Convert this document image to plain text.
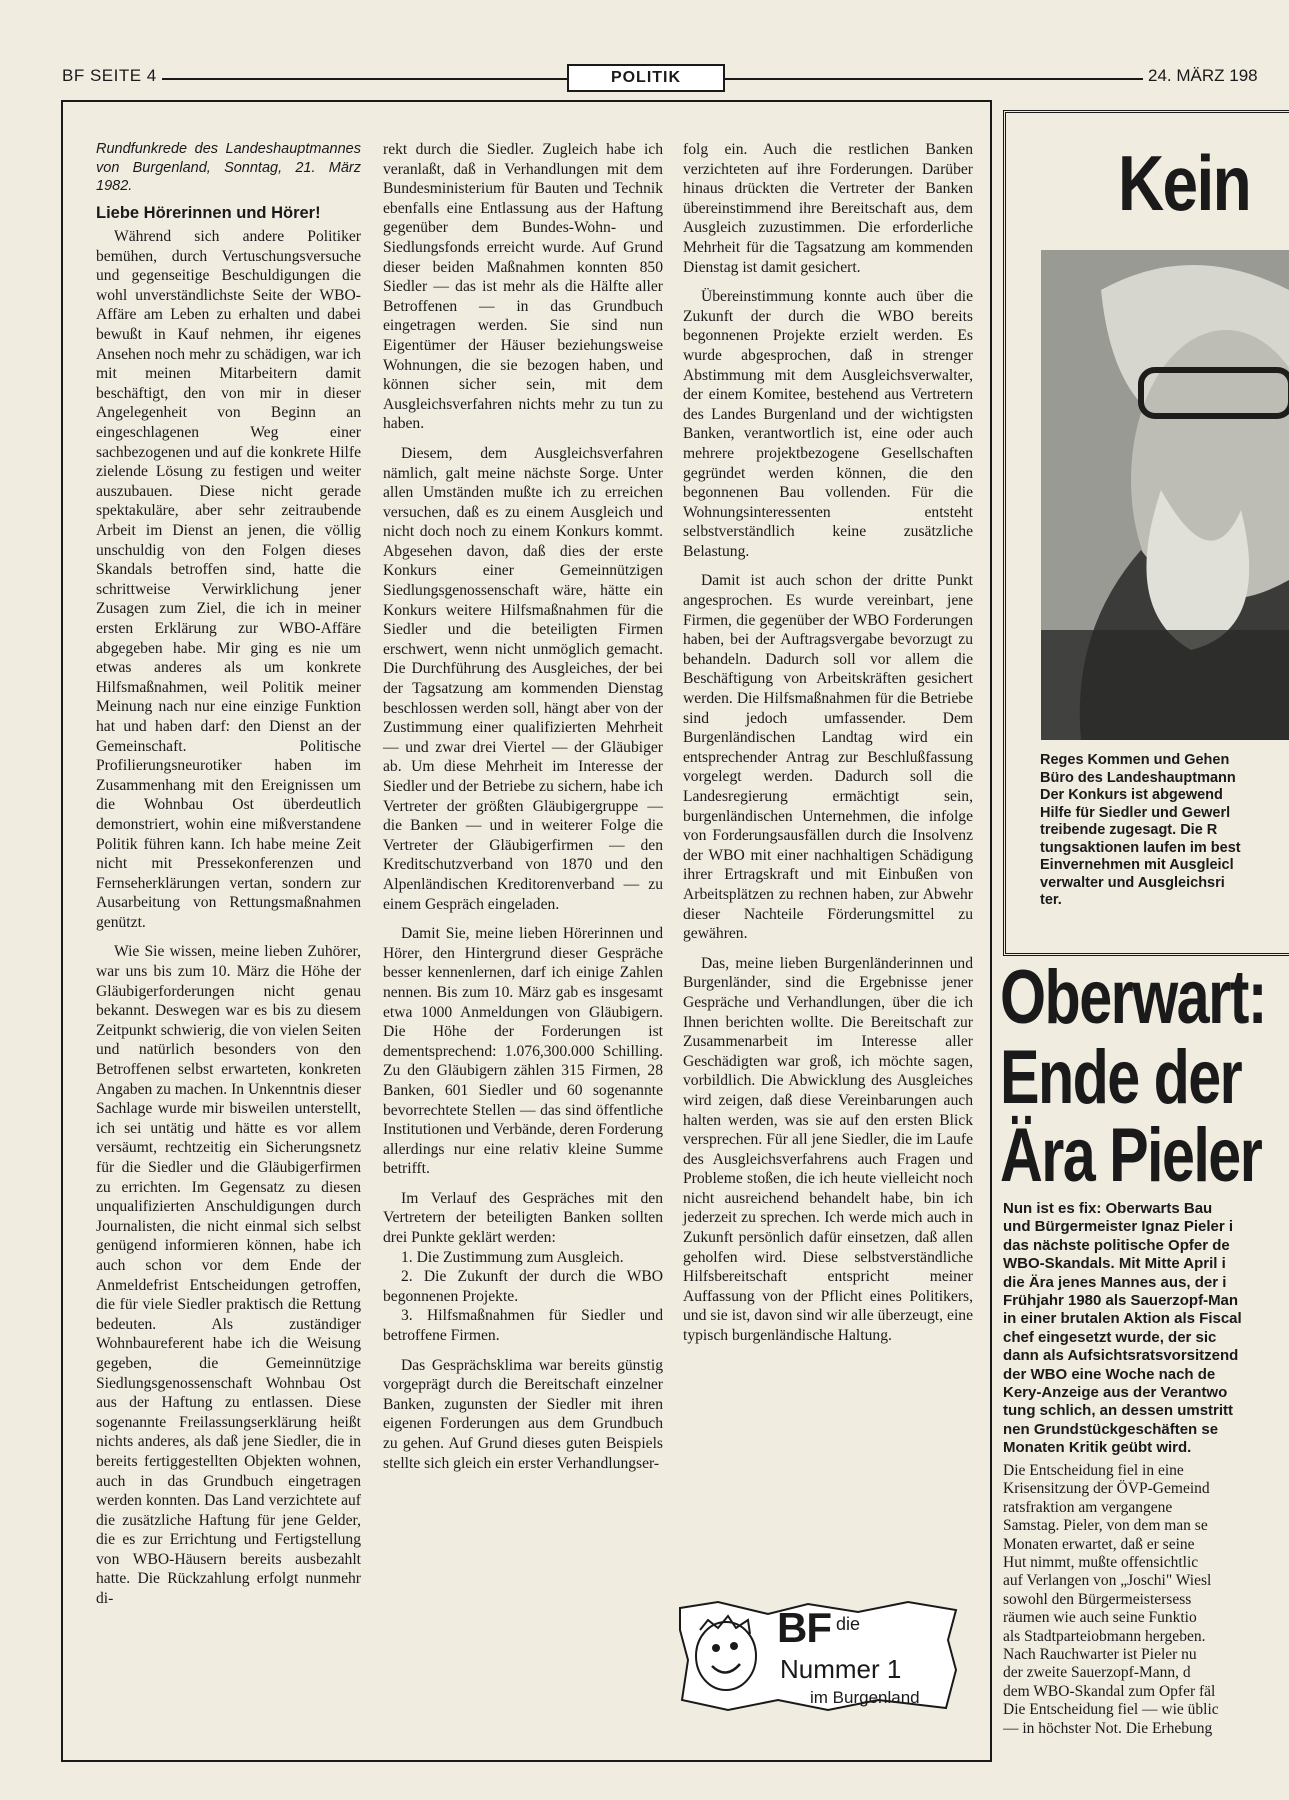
BF SEITE 4	POLITIK	24. MÄRZ 198
Rundfunkrede des Landeshauptmannes von Burgenland, Sonntag, 21. März 1982.
Liebe Hörerinnen und Hörer!

Während sich andere Politiker bemühen, durch Vertuschungsversuche und gegenseitige Beschuldigungen die wohl unverständlichste Seite der WBO-Affäre am Leben zu erhalten und dabei bewußt in Kauf nehmen, ihr eigenes Ansehen noch mehr zu schädigen, war ich mit meinen Mitarbeitern damit beschäftigt, den von mir in dieser Angelegenheit von Beginn an eingeschlagenen Weg einer sachbezogenen und auf die konkrete Hilfe zielende Lösung zu festigen und weiter auszubauen. Diese nicht gerade spektakuläre, aber sehr zeitraubende Arbeit im Dienst an jenen, die völlig unschuldig von den Folgen dieses Skandals betroffen sind, hatte die schrittweise Verwirklichung jener Zusagen zum Ziel, die ich in meiner ersten Erklärung zur WBO-Affäre abgegeben habe. Mir ging es nie um etwas anderes als um konkrete Hilfsmaßnahmen, weil Politik meiner Meinung nach nur eine einzige Funktion hat und haben darf: den Dienst an der Gemeinschaft. Politische Profilierungsneurotiker haben im Zusammenhang mit den Ereignissen um die Wohnbau Ost überdeutlich demonstriert, wohin eine mißverstandene Politik führen kann. Ich habe meine Zeit nicht mit Pressekonferenzen und Fernseherklärungen vertan, sondern zur Ausarbeitung von Rettungsmaßnahmen genützt.

Wie Sie wissen, meine lieben Zuhörer, war uns bis zum 10. März die Höhe der Gläubigerforderungen nicht genau bekannt. Deswegen war es bis zu diesem Zeitpunkt schwierig, die von vielen Seiten und natürlich besonders von den Betroffenen selbst erwarteten, konkreten Angaben zu machen. In Unkenntnis dieser Sachlage wurde mir bisweilen unterstellt, ich sei untätig und hätte es vor allem versäumt, rechtzeitig ein Sicherungsnetz für die Siedler und die Gläubigerfirmen zu errichten. Im Gegensatz zu diesen unqualifizierten Anschuldigungen durch Journalisten, die nicht einmal sich selbst genügend informieren können, habe ich auch schon vor dem Ende der Anmeldefrist Entscheidungen getroffen, die für viele Siedler praktisch die Rettung bedeuten. Als zuständiger Wohnbaureferent habe ich die Weisung gegeben, die Gemeinnützige Siedlungsgenossenschaft Wohnbau Ost aus der Haftung zu entlassen. Diese sogenannte Freilassungserklärung heißt nichts anderes, als daß jene Siedler, die in bereits fertiggestellten Objekten wohnen, auch in das Grundbuch eingetragen werden konnten. Das Land verzichtete auf die zusätzliche Haftung für jene Gelder, die es zur Errichtung und Fertigstellung von WBO-Häusern bereits ausbezahlt hatte. Die Rückzahlung erfolgt nunmehr di-

rekt durch die Siedler. Zugleich habe ich veranlaßt, daß in Verhandlungen mit dem Bundesministerium für Bauten und Technik ebenfalls eine Entlassung aus der Haftung gegenüber dem Bundes-Wohn- und Siedlungsfonds erreicht wurde. Auf Grund dieser beiden Maßnahmen konnten 850 Siedler — das ist mehr als die Hälfte aller Betroffenen — in das Grundbuch eingetragen werden. Sie sind nun Eigentümer der Häuser beziehungsweise Wohnungen, die sie bezogen haben, und können sicher sein, mit dem Ausgleichsverfahren nichts mehr zu tun zu haben.

Diesem, dem Ausgleichsverfahren nämlich, galt meine nächste Sorge. Unter allen Umständen mußte ich zu erreichen versuchen, daß es zu einem Ausgleich und nicht doch noch zu einem Konkurs kommt. Abgesehen davon, daß dies der erste Konkurs einer Gemeinnützigen Siedlungsgenossenschaft wäre, hätte ein Konkurs weitere Hilfsmaßnahmen für die Siedler und die beteiligten Firmen erschwert, wenn nicht unmöglich gemacht. Die Durchführung des Ausgleiches, der bei der Tagsatzung am kommenden Dienstag beschlossen werden soll, hängt aber von der Zustimmung einer qualifizierten Mehrheit — und zwar drei Viertel — der Gläubiger ab. Um diese Mehrheit im Interesse der Siedler und der Betriebe zu sichern, habe ich Vertreter der größten Gläubigergruppe — die Banken — und in weiterer Folge die Vertreter der Gläubigerfirmen — den Kreditschutzverband von 1870 und den Alpenländischen Kreditorenverband — zu einem Gespräch eingeladen.

Damit Sie, meine lieben Hörerinnen und Hörer, den Hintergrund dieser Gespräche besser kennenlernen, darf ich einige Zahlen nennen. Bis zum 10. März gab es insgesamt etwa 1000 Anmeldungen von Gläubigern. Die Höhe der Forderungen ist dementsprechend: 1.076,300.000 Schilling. Zu den Gläubigern zählen 315 Firmen, 28 Banken, 601 Siedler und 60 sogenannte bevorrechtete Stellen — das sind öffentliche Institutionen und Verbände, deren Forderung allerdings nur eine relativ kleine Summe betrifft.

Im Verlauf des Gespräches mit den Vertretern der beteiligten Banken sollten drei Punkte geklärt werden:

1. Die Zustimmung zum Ausgleich.

2. Die Zukunft der durch die WBO begonnenen Projekte.

3. Hilfsmaßnahmen für Siedler und betroffene Firmen.

Das Gesprächsklima war bereits günstig vorgeprägt durch die Bereitschaft einzelner Banken, zugunsten der Siedler mit ihren eigenen Forderungen aus dem Grundbuch zu gehen. Auf Grund dieses guten Beispiels stellte sich gleich ein erster Verhandlungser-

folg ein. Auch die restlichen Banken verzichteten auf ihre Forderungen. Darüber hinaus drückten die Vertreter der Banken übereinstimmend ihre Bereitschaft aus, dem Ausgleich zuzustimmen. Die erforderliche Mehrheit für die Tagsatzung am kommenden Dienstag ist damit gesichert.

Übereinstimmung konnte auch über die Zukunft der durch die WBO bereits begonnenen Projekte erzielt werden. Es wurde abgesprochen, daß in strenger Abstimmung mit dem Ausgleichsverwalter, der einem Komitee, bestehend aus Vertretern des Landes Burgenland und der wichtigsten Banken, verantwortlich ist, eine oder auch mehrere projektbezogene Gesellschaften gegründet werden können, die den begonnenen Bau vollenden. Für die Wohnungsinteressenten entsteht selbstverständlich keine zusätzliche Belastung.

Damit ist auch schon der dritte Punkt angesprochen. Es wurde vereinbart, jene Firmen, die gegenüber der WBO Forderungen haben, bei der Auftragsvergabe bevorzugt zu behandeln. Dadurch soll vor allem die Beschäftigung von Arbeitskräften gesichert werden. Die Hilfsmaßnahmen für die Betriebe sind jedoch umfassender. Dem Burgenländischen Landtag wird ein entsprechender Antrag zur Beschlußfassung vorgelegt werden. Dadurch soll die Landesregierung ermächtigt sein, burgenländischen Unternehmen, die infolge von Forderungsausfällen durch die Insolvenz der WBO mit einer nachhaltigen Schädigung ihrer Ertragskraft und mit Einbußen von Arbeitsplätzen zu rechnen haben, zur Abwehr dieser Nachteile Förderungsmittel zu gewähren.

Das, meine lieben Burgenländerinnen und Burgenländer, sind die Ergebnisse jener Gespräche und Verhandlungen, über die ich Ihnen berichten wollte. Die Bereitschaft zur Zusammenarbeit im Interesse aller Geschädigten war groß, ich möchte sagen, vorbildlich. Die Abwicklung des Ausgleiches wird zeigen, daß diese Vereinbarungen auch halten werden, was sie auf den ersten Blick versprechen. Für all jene Siedler, die im Laufe des Ausgleichsverfahrens auch Fragen und Probleme stoßen, die ich heute vielleicht noch nicht ausreichend behandelt habe, bin ich jederzeit zu sprechen. Ich werde mich auch in Zukunft persönlich dafür einsetzen, daß allen geholfen wird. Diese selbstverständliche Hilfsbereitschaft entspricht meiner Auffassung von der Pflicht eines Politikers, und sie ist, davon sind wir alle überzeugt, eine typisch burgenländische Haltung.

BF die
Nummer 1
im Burgenland
Kein
Reges Kommen und Gehen
Büro des Landeshauptmann
Der Konkurs ist abgewend
Hilfe für Siedler und Gewerl
treibende zugesagt. Die R
tungsaktionen laufen im best
Einvernehmen mit Ausgleicl
verwalter und Ausgleichsri
ter.
Oberwart:
Ende der
Ära Pieler
Nun ist es fix: Oberwarts Bau
und Bürgermeister Ignaz Pieler i
das nächste politische Opfer de
WBO-Skandals. Mit Mitte April i
die Ära jenes Mannes aus, der i
Frühjahr 1980 als Sauerzopf-Man
in einer brutalen Aktion als Fiscal
chef eingesetzt wurde, der sic
dann als Aufsichtsratsvorsitzend
der WBO eine Woche nach de
Kery-Anzeige aus der Verantwo
tung schlich, an dessen umstritt
nen Grundstückgeschäften se
Monaten Kritik geübt wird.
Die Entscheidung fiel in eine
Krisensitzung der ÖVP-Gemeind
ratsfraktion am vergangene
Samstag. Pieler, von dem man se
Monaten erwartet, daß er seine
Hut nimmt, mußte offensichtlic
auf Verlangen von „Joschi" Wiesl
sowohl den Bürgermeistersess
räumen wie auch seine Funktio
als Stadtparteiobmann hergeben.
Nach Rauchwarter ist Pieler nu
der zweite Sauerzopf-Mann, d
dem WBO-Skandal zum Opfer fäl
Die Entscheidung fiel — wie üblic
— in höchster Not. Die Erhebung
